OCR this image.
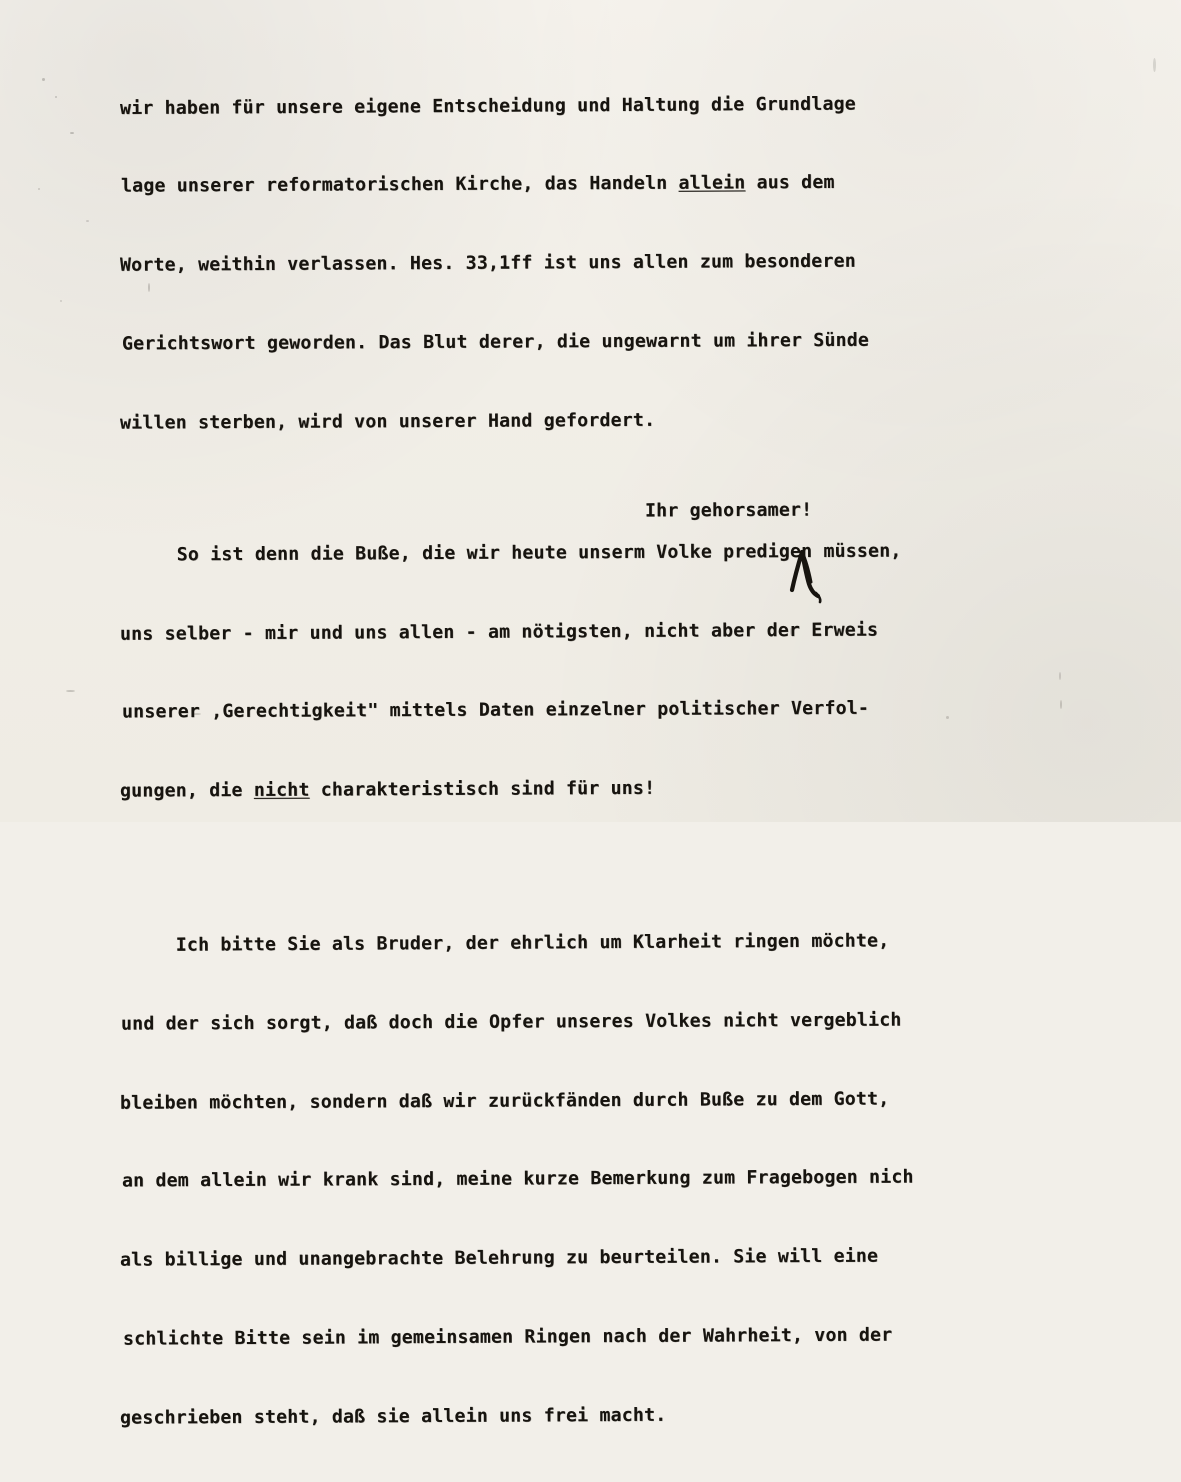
wir haben für unsere eigene Entscheidung und Haltung die Grundlage

lage unserer reformatorischen Kirche, das Handeln allein aus dem

Worte, weithin verlassen. Hes. 33,1ff ist uns allen zum besonderen

Gerichtswort geworden. Das Blut derer, die ungewarnt um ihrer Sünde

willen sterben, wird von unserer Hand gefordert.

So ist denn die Buße, die wir heute unserm Volke predigen müssen,

uns selber - mir und uns allen - am nötigsten, nicht aber der Erweis

unserer ‚Gerechtigkeit" mittels Daten einzelner politischer Verfol-

gungen, die nicht charakteristisch sind für uns!

Ich bitte Sie als Bruder, der ehrlich um Klarheit ringen möchte,

und der sich sorgt, daß doch die Opfer unseres Volkes nicht vergeblich

bleiben möchten, sondern daß wir zurückfänden durch Buße zu dem Gott,

an dem allein wir krank sind, meine kurze Bemerkung zum Fragebogen nich

als billige und unangebrachte Belehrung zu beurteilen. Sie will eine

schlichte Bitte sein im gemeinsamen Ringen nach der Wahrheit, von der

geschrieben steht, daß sie allein uns frei macht.

Ihr gehorsamer!
